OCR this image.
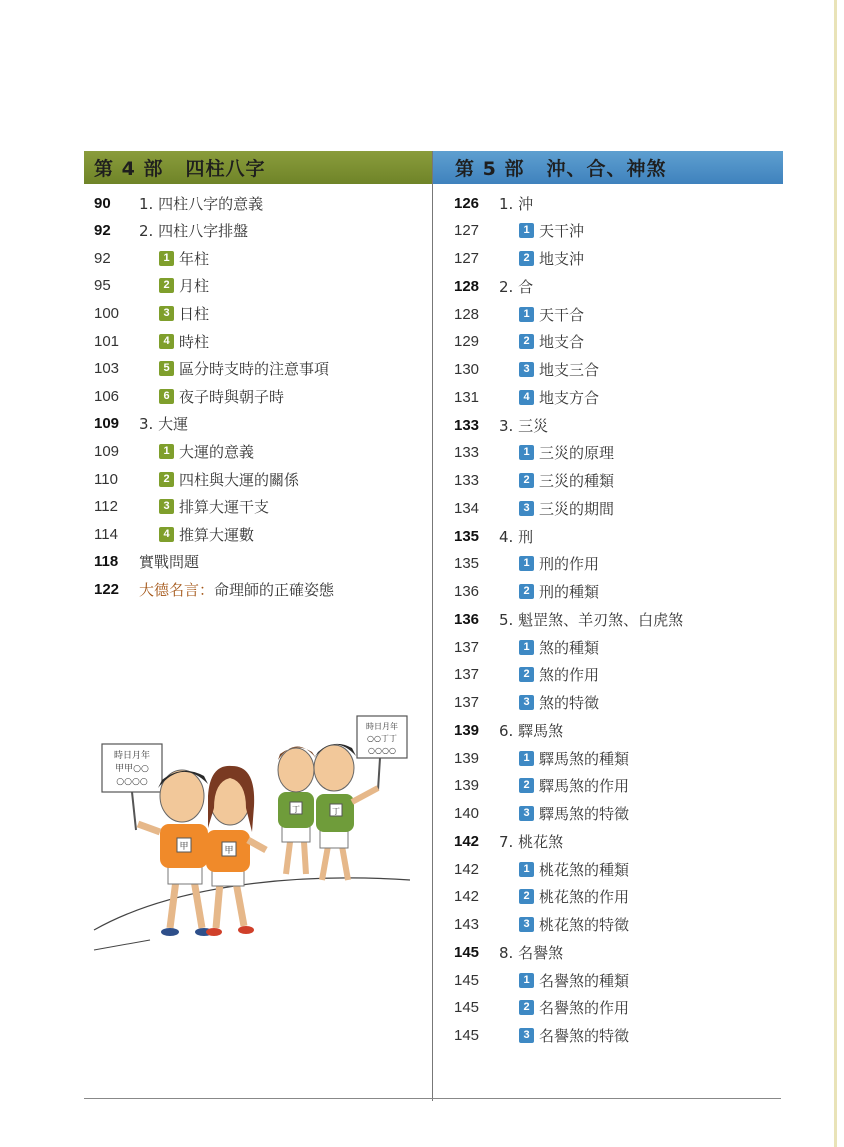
第 4 部 四柱八字	第 5 部 沖、合、神煞
90	1. 四柱八字的意義
92	2. 四柱八字排盤
92	1 年柱
95	2 月柱
100	3 日柱
101	4 時柱
103	5 區分時支時的注意事項
106	6 夜子時與朝子時
109	3. 大運
109	1 大運的意義
110	2 四柱與大運的關係
112	3 排算大運干支
114	4 推算大運數
118	實戰問題
122	大德名言：命理師的正確姿態
126	1. 沖
127	1 天干沖
127	2 地支沖
128	2. 合
128	1 天干合
129	2 地支合
130	3 地支三合
131	4 地支方合
133	3. 三災
133	1 三災的原理
133	2 三災的種類
134	3 三災的期間
135	4. 刑
135	1 刑的作用
136	2 刑的種類
136	5. 魁罡煞、羊刃煞、白虎煞
137	1 煞的種類
137	2 煞的作用
137	3 煞的特徵
139	6. 驛馬煞
139	1 驛馬煞的種類
139	2 驛馬煞的作用
140	3 驛馬煞的特徵
142	7. 桃花煞
142	1 桃花煞的種類
142	2 桃花煞的作用
143	3 桃花煞的特徵
145	8. 名譽煞
145	1 名譽煞的種類
145	2 名譽煞的作用
145	3 名譽煞的特徵
時日月年
甲甲○○
○○○○
時日月年
○○丁丁
○○○○
丁	丁
甲	甲
